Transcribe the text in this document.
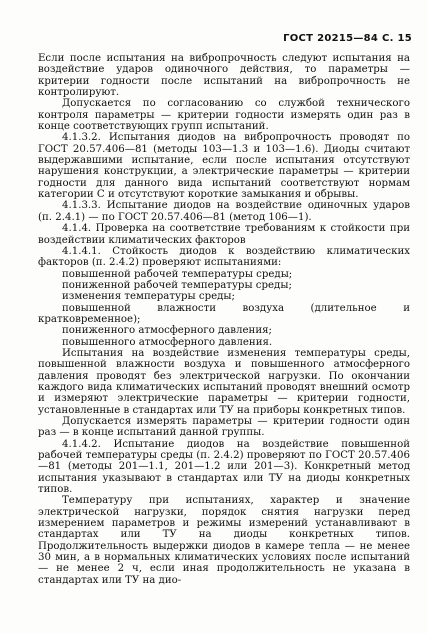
ГОСТ 20215—84 С. 15

Если после испытания на вибропрочность следуют испытания на воздействие ударов одиночного действия, то параметры — критерии годности после испытаний на вибропрочность не контролируют.

Допускается по согласованию со службой технического контроля параметры — критерии годности измерять один раз в конце соответствующих групп испытаний.

4.1.3.2. Испытания диодов на вибропрочность проводят по ГОСТ 20.57.406—81 (методы 103—1.3 и 103—1.6). Диоды считают выдержавшими испытание, если после испытания отсутствуют нарушения конструкции, а электрические параметры — критерии годности для данного вида испытаний соответствуют нормам категории С и отсутствуют короткие замыкания и обрывы.

4.1.3.3. Испытание диодов на воздействие одиночных ударов (п. 2.4.1) — по ГОСТ 20.57.406—81 (метод 106—1).

4.1.4. Проверка на соответствие требованиям к стойкости при воздействии климатических факторов

4.1.4.1. Стойкость диодов к воздействию климатических факторов (п. 2.4.2) проверяют испытаниями:

повышенной рабочей температуры среды;

пониженной рабочей температуры среды;

изменения температуры среды;

повышенной влажности воздуха (длительное и кратковременное);

пониженного атмосферного давления;

повышенного атмосферного давления.

Испытания на воздействие изменения температуры среды, повышенной влажности воздуха и повышенного атмосферного давления проводят без электрической нагрузки. По окончании каждого вида климатических испытаний проводят внешний осмотр и измеряют электрические параметры — критерии годности, установленные в стандартах или ТУ на приборы конкретных типов.

Допускается измерять параметры — критерии годности один раз — в конце испытаний данной группы.

4.1.4.2. Испытание диодов на воздействие повышенной рабочей температуры среды (п. 2.4.2) проверяют по ГОСТ 20.57.406—81 (методы 201—1.1, 201—1.2 или 201—3). Конкретный метод испытания указывают в стандартах или ТУ на диоды конкретных типов.

Температуру при испытаниях, характер и значение электрической нагрузки, порядок снятия нагрузки перед измерением параметров и режимы измерений устанавливают в стандартах или ТУ на диоды конкретных типов. Продолжительность выдержки диодов в камере тепла — не менее 30 мин, а в нормальных климатических условиях после испытаний — не менее 2 ч, если иная продолжительность не указана в стандартах или ТУ на дио-
